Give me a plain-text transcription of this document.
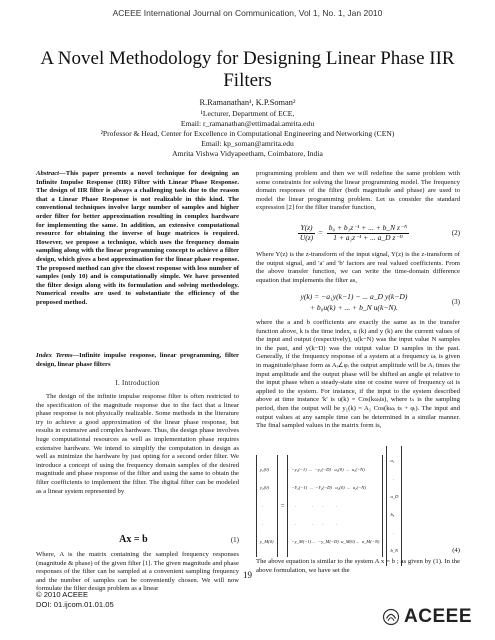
ACEEE International Journal on Communication, Vol 1, No. 1, Jan 2010
A Novel Methodology for Designing Linear Phase IIR Filters
R.Ramanathan¹, K.P.Soman²
¹Lecturer, Department of ECE,
Email: r_ramanathan@ettimadai.amrita.edu
²Professor & Head, Center for Excellence in Computational Engineering and Networking (CEN)
Email: kp_soman@amrita.edu
Amrita Vishwa Vidyapeetham, Coimbatore, India

Abstract—This paper presents a novel technique for designing an Infinite Impulse Response (IIR) Filter with Linear Phase Response. The design of IIR filter is always a challenging task due to the reason that a Linear Phase Response is not realizable in this kind. The conventional techniques involve large number of samples and higher order filter for better approximation resulting in complex hardware for implementing the same. In addition, an extensive computational resource for obtaining the inverse of huge matrices is required. However, we propose a technique, which uses the frequency domain sampling along with the linear programming concept to achieve a filter design, which gives a best approximation for the linear phase response. The proposed method can give the closest response with less number of samples (only 10) and is computationally simple. We have presented the filter design along with its formulation and solving methodology. Numerical results are used to substantiate the efficiency of the proposed method.

Index Terms—Infinite impulse response, linear programming, filter design, linear phase filters

I. Introduction
The design of the infinite impulse response filter is often restricted to the specification of the magnitude response due to the fact that a linear phase response is not physically realizable. Some methods in the literature try to achieve a good approximation of the linear phase response, but results in extensive and complex hardware. Thus, the design phase involves huge computational resources as well as implementation phase requires extensive hardware. We intend to simplify the computation in design as well as minimize the hardware by just opting for a second order filter. We introduce a concept of using the frequency domain samples of the desired magnitude and phase response of the filter and using the same to obtain the filter coefficients to implement the filter. The digital filter can be modeled as a linear system represented by
Ax = b	(1)
Where, A is the matrix containing the sampled frequency responses (magnitude & phase) of the given filter [1]. The given magnitude and phase responses of the filter can be sampled at a convenient sampling frequency and the number of samples can be conveniently chosen. We will now formulate the filter design problem as a linear
programming problem and then we will redefine the same problem with some constraints for solving the linear programming model. The frequency domain responses of the filter (both magnitude and phase) are used to model the linear programming problem. Let us consider the standard expression [2] for the filter transfer function,
$\frac{Y(z)}{U(z)} = \frac{\text{b₀ + b₁z⁻¹ + ... + b\_N z⁻ᴺ}}{\text{1 + a₁z⁻¹ + ... a\_D z⁻ᴰ}}$	(2)
Where Y(z) is the z-transform of the input signal, Y(z) is the z-transform of the output signal, and 'a' and 'b' factors are real valued coefficients. From the above transfer function, we can write the time-domain difference equation that implements the filter as,
y(k) = −a₁y(k−1) − ... a_D y(k−D)
+ b₀u(k) + ... + b_N u(k−N).
(3)
where the a and b coefficients are exactly the same as in the transfer function above, k is the time index, u (k) and y (k) are the current values of the input and output (respectively), u(k−N) was the input value N samples in the past, and y(k−D) was the output value D samples in the past. Generally, if the frequency response of a system at a frequency ωᵢ is given in magnitude/phase form as Aᵢ∠φᵢ the output amplitude will be Aᵢ times the input amplitude and the output phase will be shifted an angle φi relative to the input phase when a steady-state sine or cosine wave of frequency ωi is applied to the system. For instance, if the input to the system described above at time instance 'k' is u(k) = Cos(kωᵢts), where tₛ is the sampling period, then the output will be y₁(k) = A₁ Cos(kωᵢ ts + φᵢ). The input and output values at any sample time can be determined in a similar manner. The final sampled values in the matrix form is,

y₁(0)

y₂(0)

.

.

y_M(0)

=

−y₁(−1)  ...  −y₁(−D)   u₁(0)  ...  u₁(−N)

−Y₂(−1)  ...  −Y₂(−D)   u₂(0)  ...  u₂(−N)

.              .        .           .

.              .        .           .

−y_M(−1) ...  −y_M(−D)  u_M(0) ...  u_M(−N)

a₁

.

a_D

b₀

.

b_N

	(4)
The above equation is similar to the system A x = b ; as given by (1). In the above formulation, we have set the
19
© 2010 ACEEE
DOI: 01.ijcom.01.01.05
ACEEE
